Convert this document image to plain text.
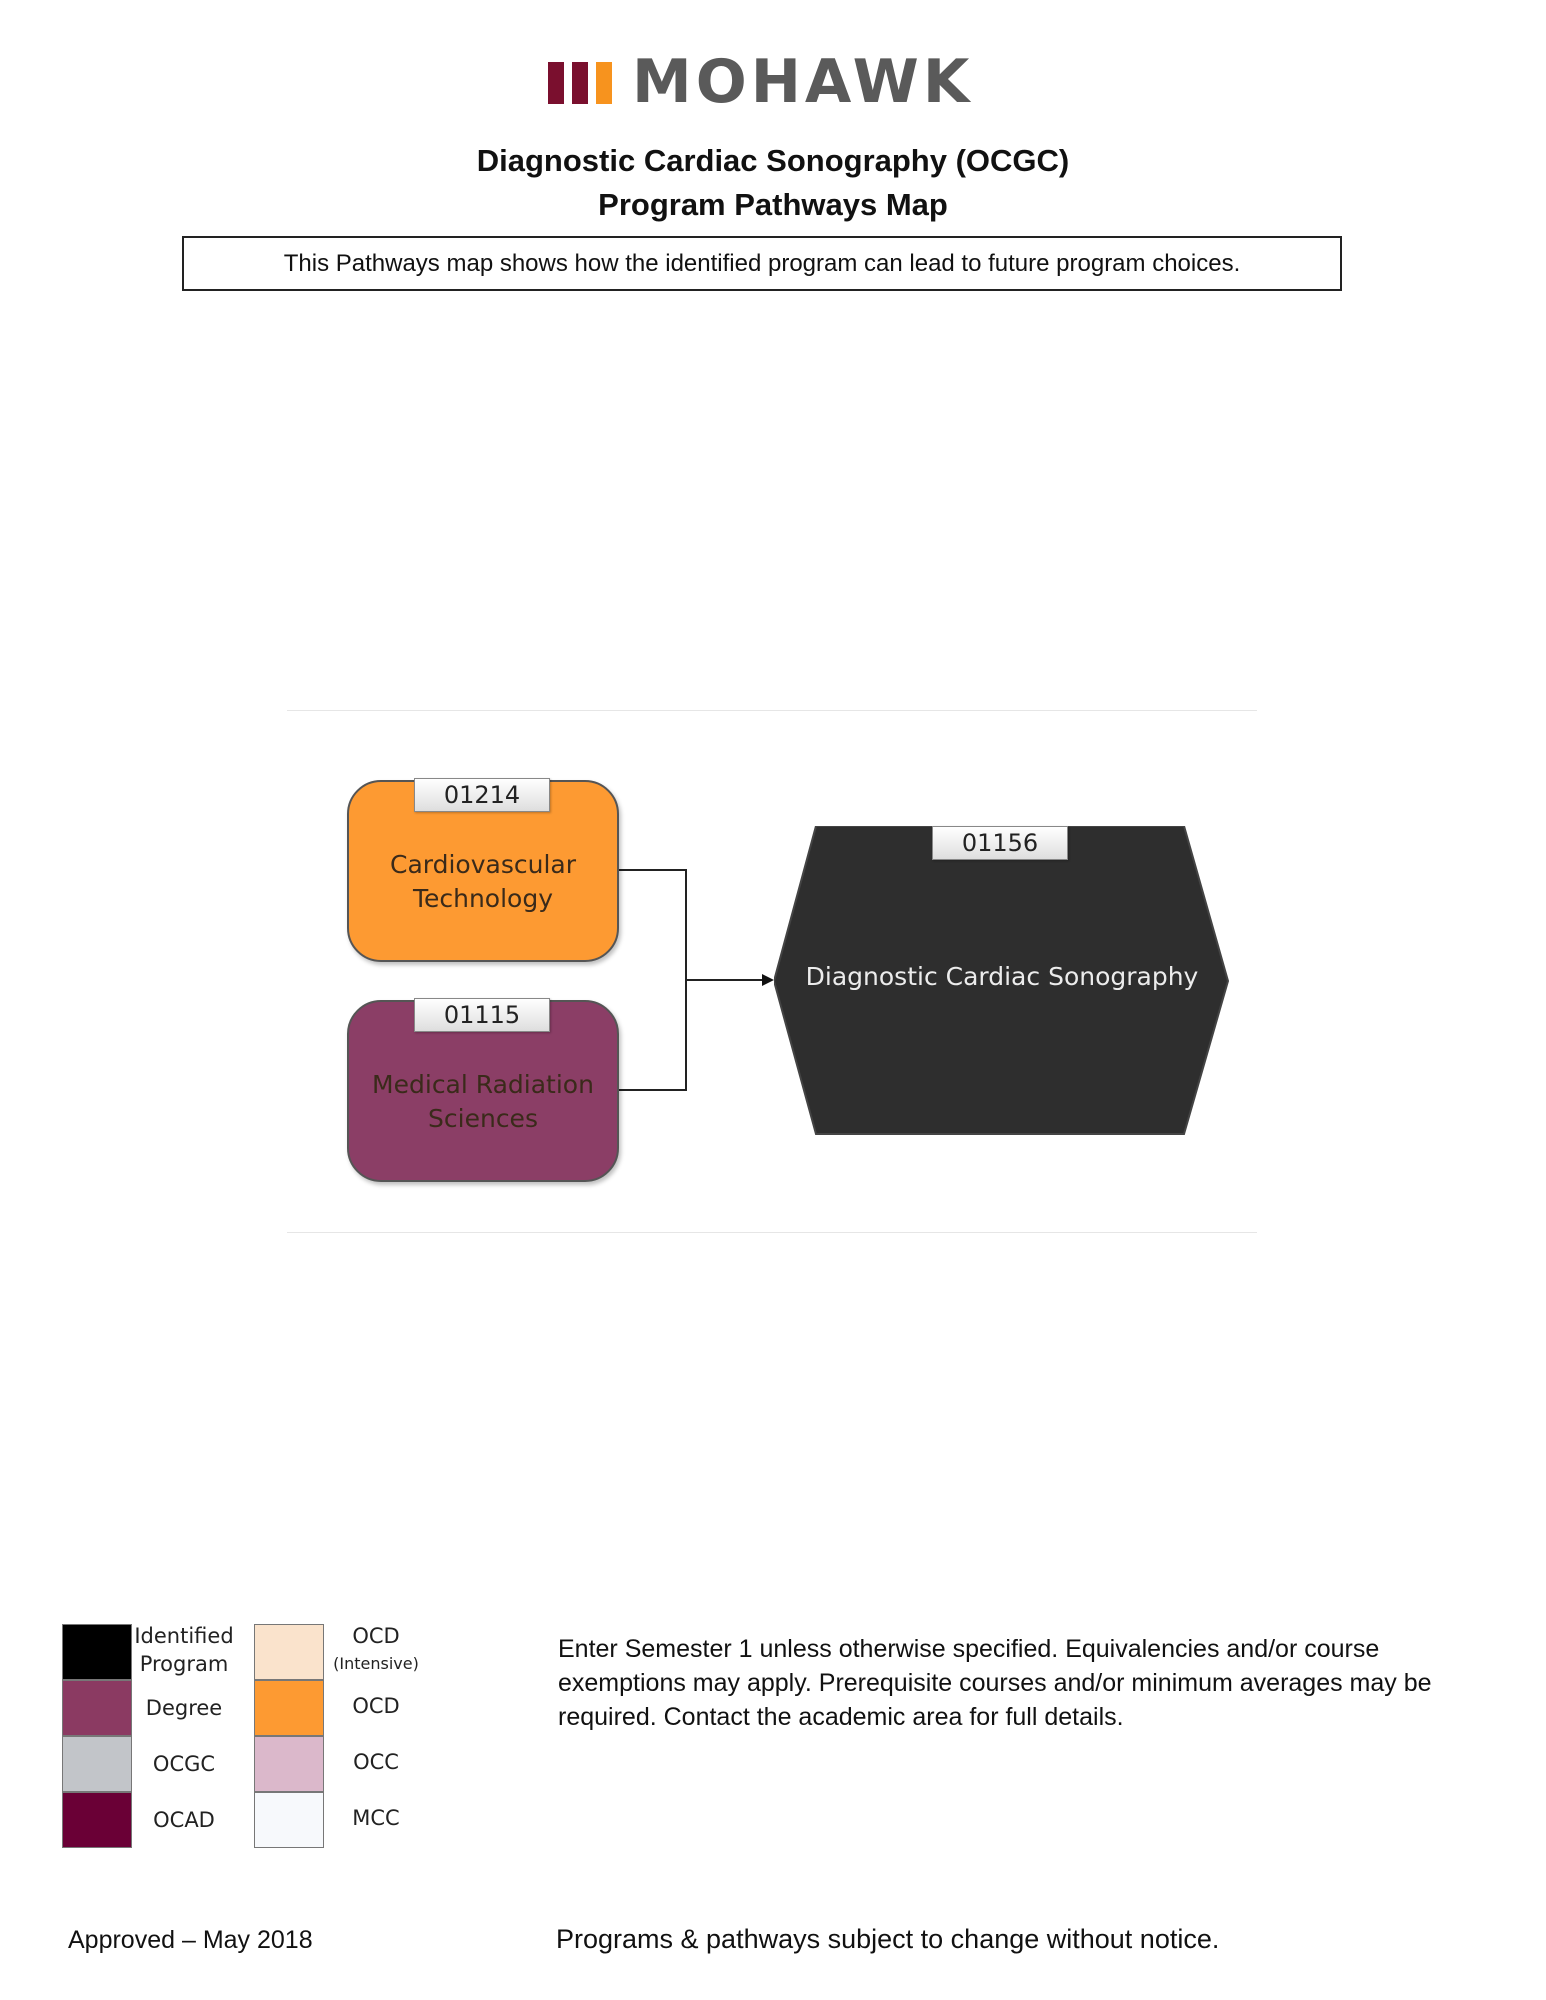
MOHAWK
Diagnostic Cardiac Sonography (OCGC)
Program Pathways Map
This Pathways map shows how the identified program can lead to future program choices.
Cardiovascular
Technology
01214
Medical Radiation
Sciences
01115
Diagnostic Cardiac Sonography
01156
Identified
Program
Degree
OCGC
OCAD
OCD
(Intensive)
OCD
OCC
MCC
Enter Semester 1 unless otherwise specified. Equivalencies and/or course exemptions may apply. Prerequisite courses and/or minimum averages may be required. Contact the academic area for full details.
Approved – May 2018	Programs & pathways subject to change without notice.
